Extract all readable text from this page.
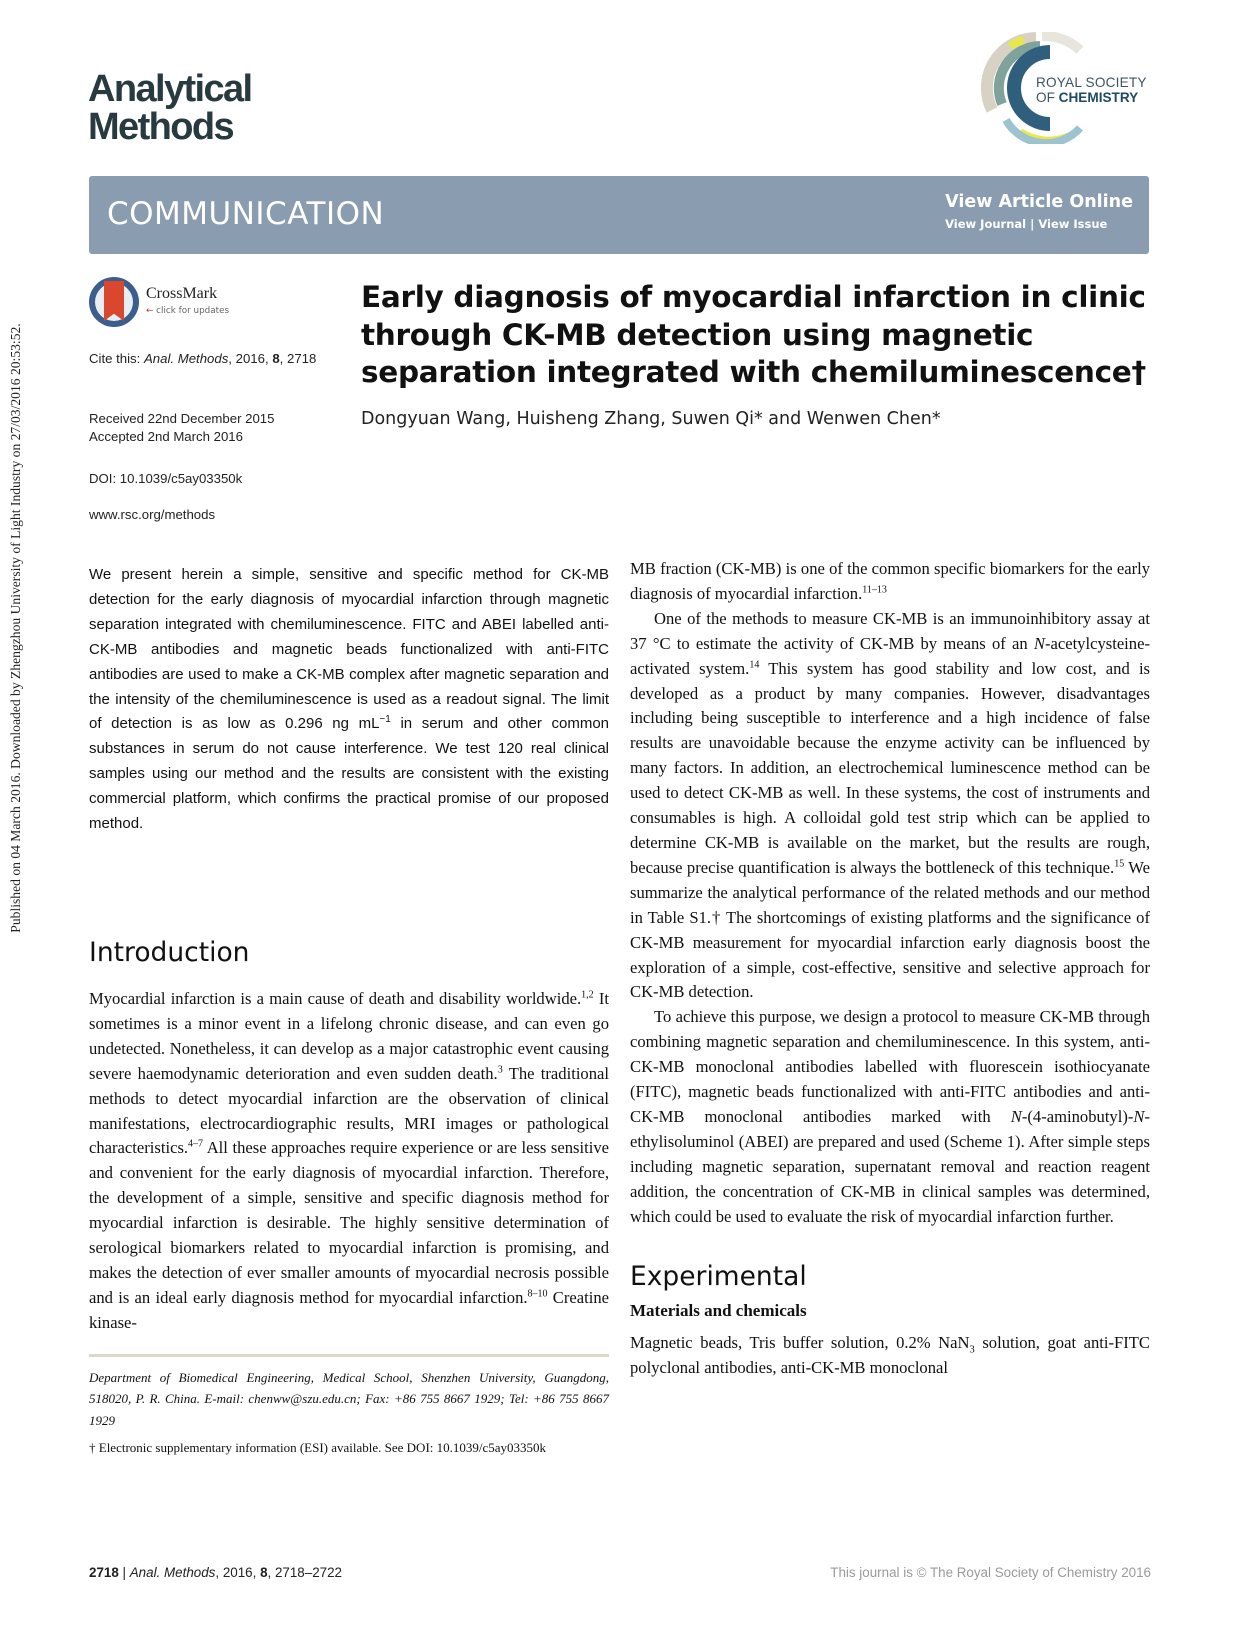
Published on 04 March 2016. Downloaded by Zhengzhou University of Light Industry on 27/03/2016 20:53:52.
Analytical
Methods
ROYAL SOCIETY
OF CHEMISTRY
COMMUNICATION	View Article Online
View Journal | View Issue
CrossMark
← click for updates
Cite this: Anal. Methods, 2016, 8, 2718
Received 22nd December 2015
Accepted 2nd March 2016
DOI: 10.1039/c5ay03350k
www.rsc.org/methods
Early diagnosis of myocardial infarction in clinic through CK-MB detection using magnetic separation integrated with chemiluminescence†
Dongyuan Wang, Huisheng Zhang, Suwen Qi* and Wenwen Chen*
We present herein a simple, sensitive and specific method for CK-MB detection for the early diagnosis of myocardial infarction through magnetic separation integrated with chemiluminescence. FITC and ABEI labelled anti-CK-MB antibodies and magnetic beads functionalized with anti-FITC antibodies are used to make a CK-MB complex after magnetic separation and the intensity of the chemiluminescence is used as a readout signal. The limit of detection is as low as 0.296 ng $mL^{-1}$ in serum and other common substances in serum do not cause interference. We test 120 real clinical samples using our method and the results are consistent with the existing commercial platform, which confirms the practical promise of our proposed method.
Introduction

Myocardial infarction is a main cause of death and disability worldwide.$^{1,2}$ It sometimes is a minor event in a lifelong chronic disease, and can even go undetected. Nonetheless, it can develop as a major catastrophic event causing severe haemodynamic deterioration and even sudden death.$^3$ The traditional methods to detect myocardial infarction are the observation of clinical manifestations, electrocardiographic results, MRI images or pathological characteristics.$^{4-7}$ All these approaches require experience or are less sensitive and convenient for the early diagnosis of myocardial infarction. Therefore, the development of a simple, sensitive and specific diagnosis method for myocardial infarction is desirable. The highly sensitive determination of serological biomarkers related to myocardial infarction is promising, and makes the detection of ever smaller amounts of myocardial necrosis possible and is an ideal early diagnosis method for myocardial infarction.$^{8-10}$ Creatine kinase-

Department of Biomedical Engineering, Medical School, Shenzhen University, Guangdong, 518020, P. R. China. E-mail: chenww@szu.edu.cn; Fax: +86 755 8667 1929; Tel: +86 755 8667 1929

† Electronic supplementary information (ESI) available. See DOI: 10.1039/c5ay03350k

MB fraction (CK-MB) is one of the common specific biomarkers for the early diagnosis of myocardial infarction.$^{11-13}$

One of the methods to measure CK-MB is an immunoinhibitory assay at 37 °C to estimate the activity of CK-MB by means of an N-acetylcysteine-activated system.$^{14}$ This system has good stability and low cost, and is developed as a product by many companies. However, disadvantages including being susceptible to interference and a high incidence of false results are unavoidable because the enzyme activity can be influenced by many factors. In addition, an electrochemical luminescence method can be used to detect CK-MB as well. In these systems, the cost of instruments and consumables is high. A colloidal gold test strip which can be applied to determine CK-MB is available on the market, but the results are rough, because precise quantification is always the bottleneck of this technique.$^{15}$ We summarize the analytical performance of the related methods and our method in Table S1.† The shortcomings of existing platforms and the significance of CK-MB measurement for myocardial infarction early diagnosis boost the exploration of a simple, cost-effective, sensitive and selective approach for CK-MB detection.

To achieve this purpose, we design a protocol to measure CK-MB through combining magnetic separation and chemiluminescence. In this system, anti-CK-MB monoclonal antibodies labelled with fluorescein isothiocyanate (FITC), magnetic beads functionalized with anti-FITC antibodies and anti-CK-MB monoclonal antibodies marked with N-(4-aminobutyl)-N-ethylisoluminol (ABEI) are prepared and used (Scheme 1). After simple steps including magnetic separation, supernatant removal and reaction reagent addition, the concentration of CK-MB in clinical samples was determined, which could be used to evaluate the risk of myocardial infarction further.

Experimental
Materials and chemicals

Magnetic beads, Tris buffer solution, 0.2% NaN$_3$ solution, goat anti-FITC polyclonal antibodies, anti-CK-MB monoclonal

2718 | Anal. Methods, 2016, 8, 2718–2722	This journal is © The Royal Society of Chemistry 2016
